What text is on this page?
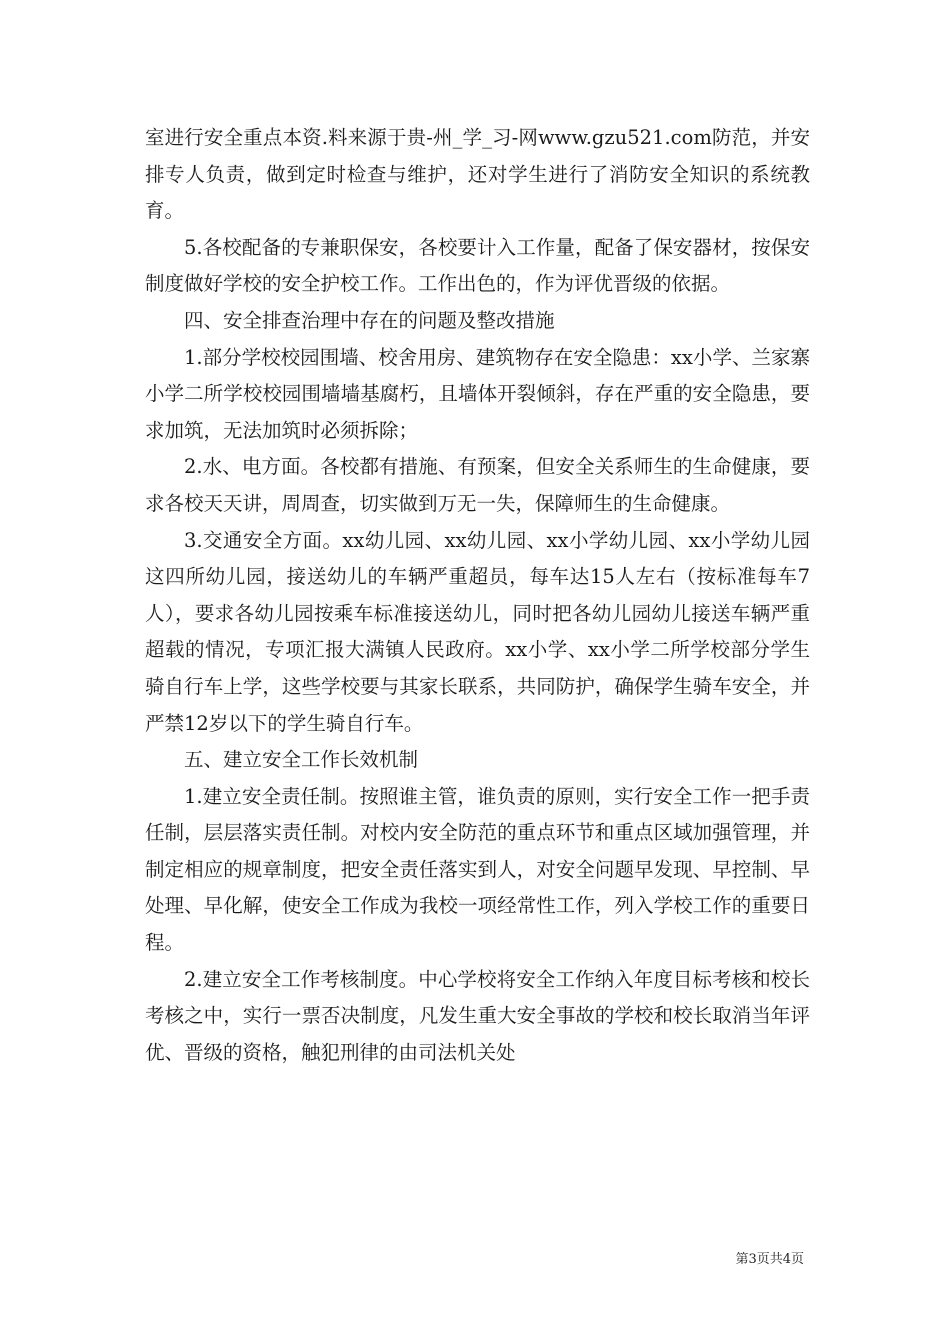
室进行安全重点本资.料来源于贵-州_学_习-网www.gzu521.com防范，并安排专人负责，做到定时检查与维护，还对学生进行了消防安全知识的系统教育。

5.各校配备的专兼职保安，各校要计入工作量，配备了保安器材，按保安制度做好学校的安全护校工作。工作出色的，作为评优晋级的依据。

四、安全排查治理中存在的问题及整改措施

1.部分学校校园围墙、校舍用房、建筑物存在安全隐患：xx小学、兰家寨小学二所学校校园围墙墙基腐朽，且墙体开裂倾斜，存在严重的安全隐患，要求加筑，无法加筑时必须拆除；

2.水、电方面。各校都有措施、有预案，但安全关系师生的生命健康，要求各校天天讲，周周查，切实做到万无一失，保障师生的生命健康。

3.交通安全方面。xx幼儿园、xx幼儿园、xx小学幼儿园、xx小学幼儿园这四所幼儿园，接送幼儿的车辆严重超员，每车达15人左右（按标准每车7人），要求各幼儿园按乘车标准接送幼儿，同时把各幼儿园幼儿接送车辆严重超载的情况，专项汇报大满镇人民政府。xx小学、xx小学二所学校部分学生骑自行车上学，这些学校要与其家长联系，共同防护，确保学生骑车安全，并严禁12岁以下的学生骑自行车。

五、建立安全工作长效机制

1.建立安全责任制。按照谁主管，谁负责的原则，实行安全工作一把手责任制，层层落实责任制。对校内安全防范的重点环节和重点区域加强管理，并制定相应的规章制度，把安全责任落实到人，对安全问题早发现、早控制、早处理、早化解，使安全工作成为我校一项经常性工作，列入学校工作的重要日程。

2.建立安全工作考核制度。中心学校将安全工作纳入年度目标考核和校长考核之中，实行一票否决制度，凡发生重大安全事故的学校和校长取消当年评优、晋级的资格，触犯刑律的由司法机关处

第3页共4页
